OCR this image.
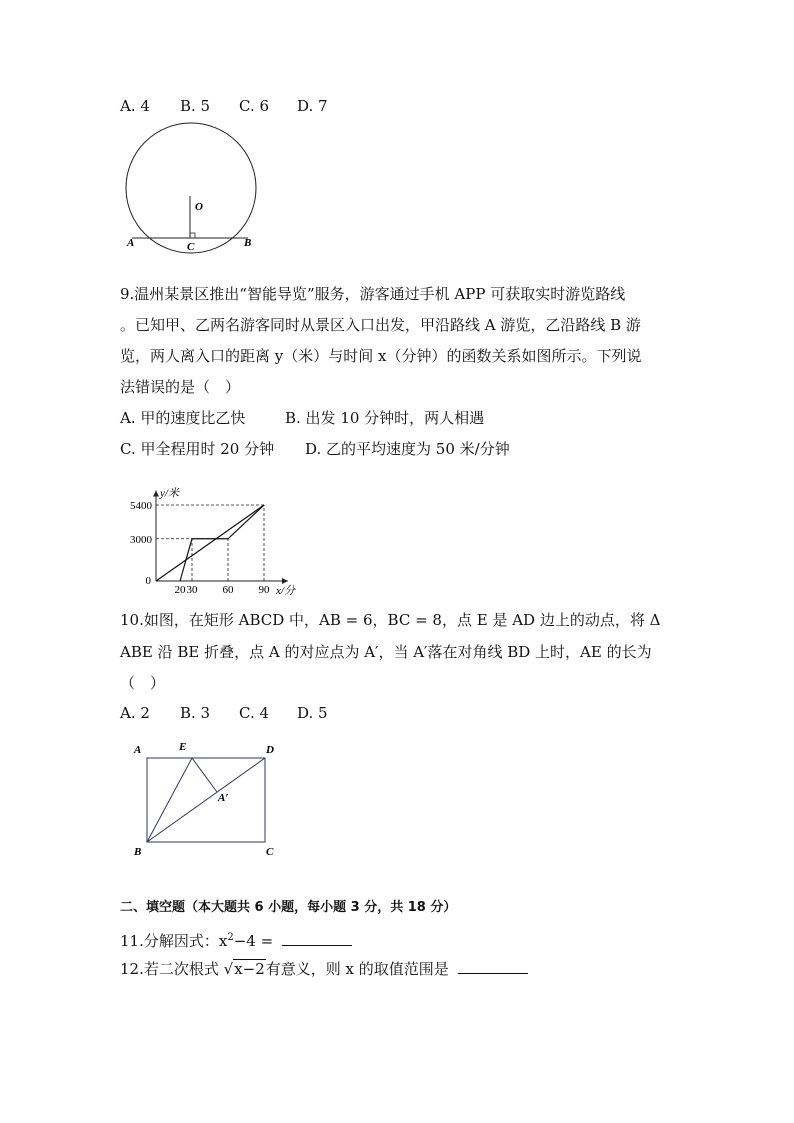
A. 4 B. 5 C. 6 D. 7
O
A	C	B
9.温州某景区推出“智能导览”服务，游客通过手机 APP 可获取实时游览路线
。已知甲、乙两名游客同时从景区入口出发，甲沿路线 A 游览，乙沿路线 B 游
览，两人离入口的距离 y（米）与时间 x（分钟）的函数关系如图所示。下列说
法错误的是（　）
A. 甲的速度比乙快	B. 出发 10 分钟时，两人相遇
C. 甲全程用时 20 分钟 D. 乙的平均速度为 50 米/分钟
20 30 60 90
3000
5400
0
y/米
x/分
10.如图，在矩形 ABCD 中，AB = 6，BC = 8，点 E 是 AD 边上的动点，将 Δ
ABE 沿 BE 折叠，点 A 的对应点为 A′，当 A′落在对角线 BD 上时，AE 的长为
（　）
A. 2 B. 3 C. 4 D. 5
A	E	D
A′
B	C
二、填空题（本大题共 6 小题，每小题 3 分，共 18 分）
11.分解因式：$x^2-4$ =
12.若二次根式 √x−2有意义，则 x 的取值范围是
